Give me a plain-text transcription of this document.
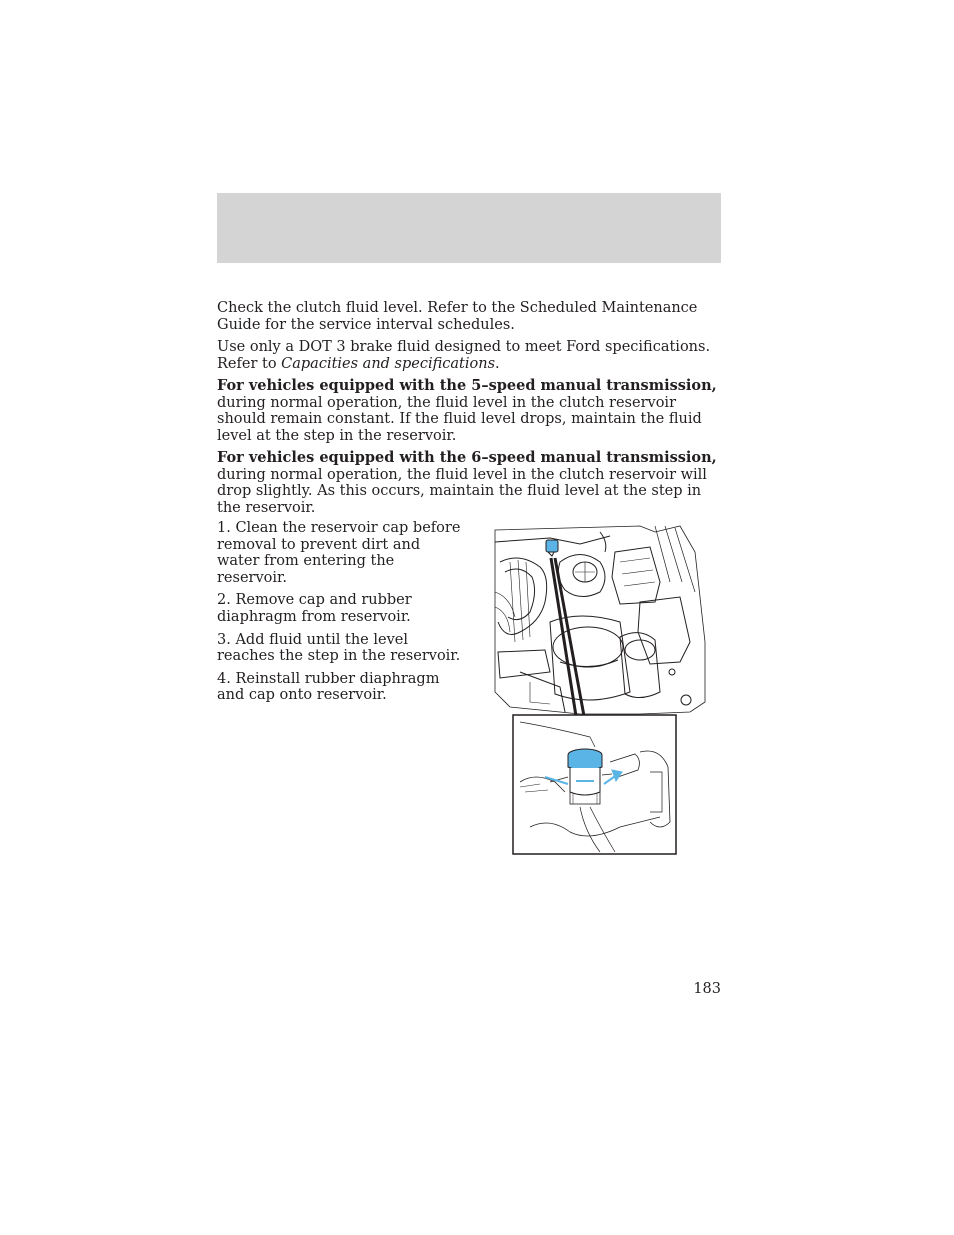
Check the clutch fluid level. Refer to the Scheduled Maintenance Guide for the service interval schedules.

Use only a DOT 3 brake fluid designed to meet Ford specifications. Refer to Capacities and specifications.

For vehicles equipped with the 5–speed manual transmission, during normal operation, the fluid level in the clutch reservoir should remain constant. If the fluid level drops, maintain the fluid level at the step in the reservoir.

For vehicles equipped with the 6–speed manual transmission, during normal operation, the fluid level in the clutch reservoir will drop slightly. As this occurs, maintain the fluid level at the step in the reservoir.

1. Clean the reservoir cap before removal to prevent dirt and water from entering the reservoir.

2. Remove cap and rubber diaphragm from reservoir.

3. Add fluid until the level reaches the step in the reservoir.

4. Reinstall rubber diaphragm and cap onto reservoir.

183
